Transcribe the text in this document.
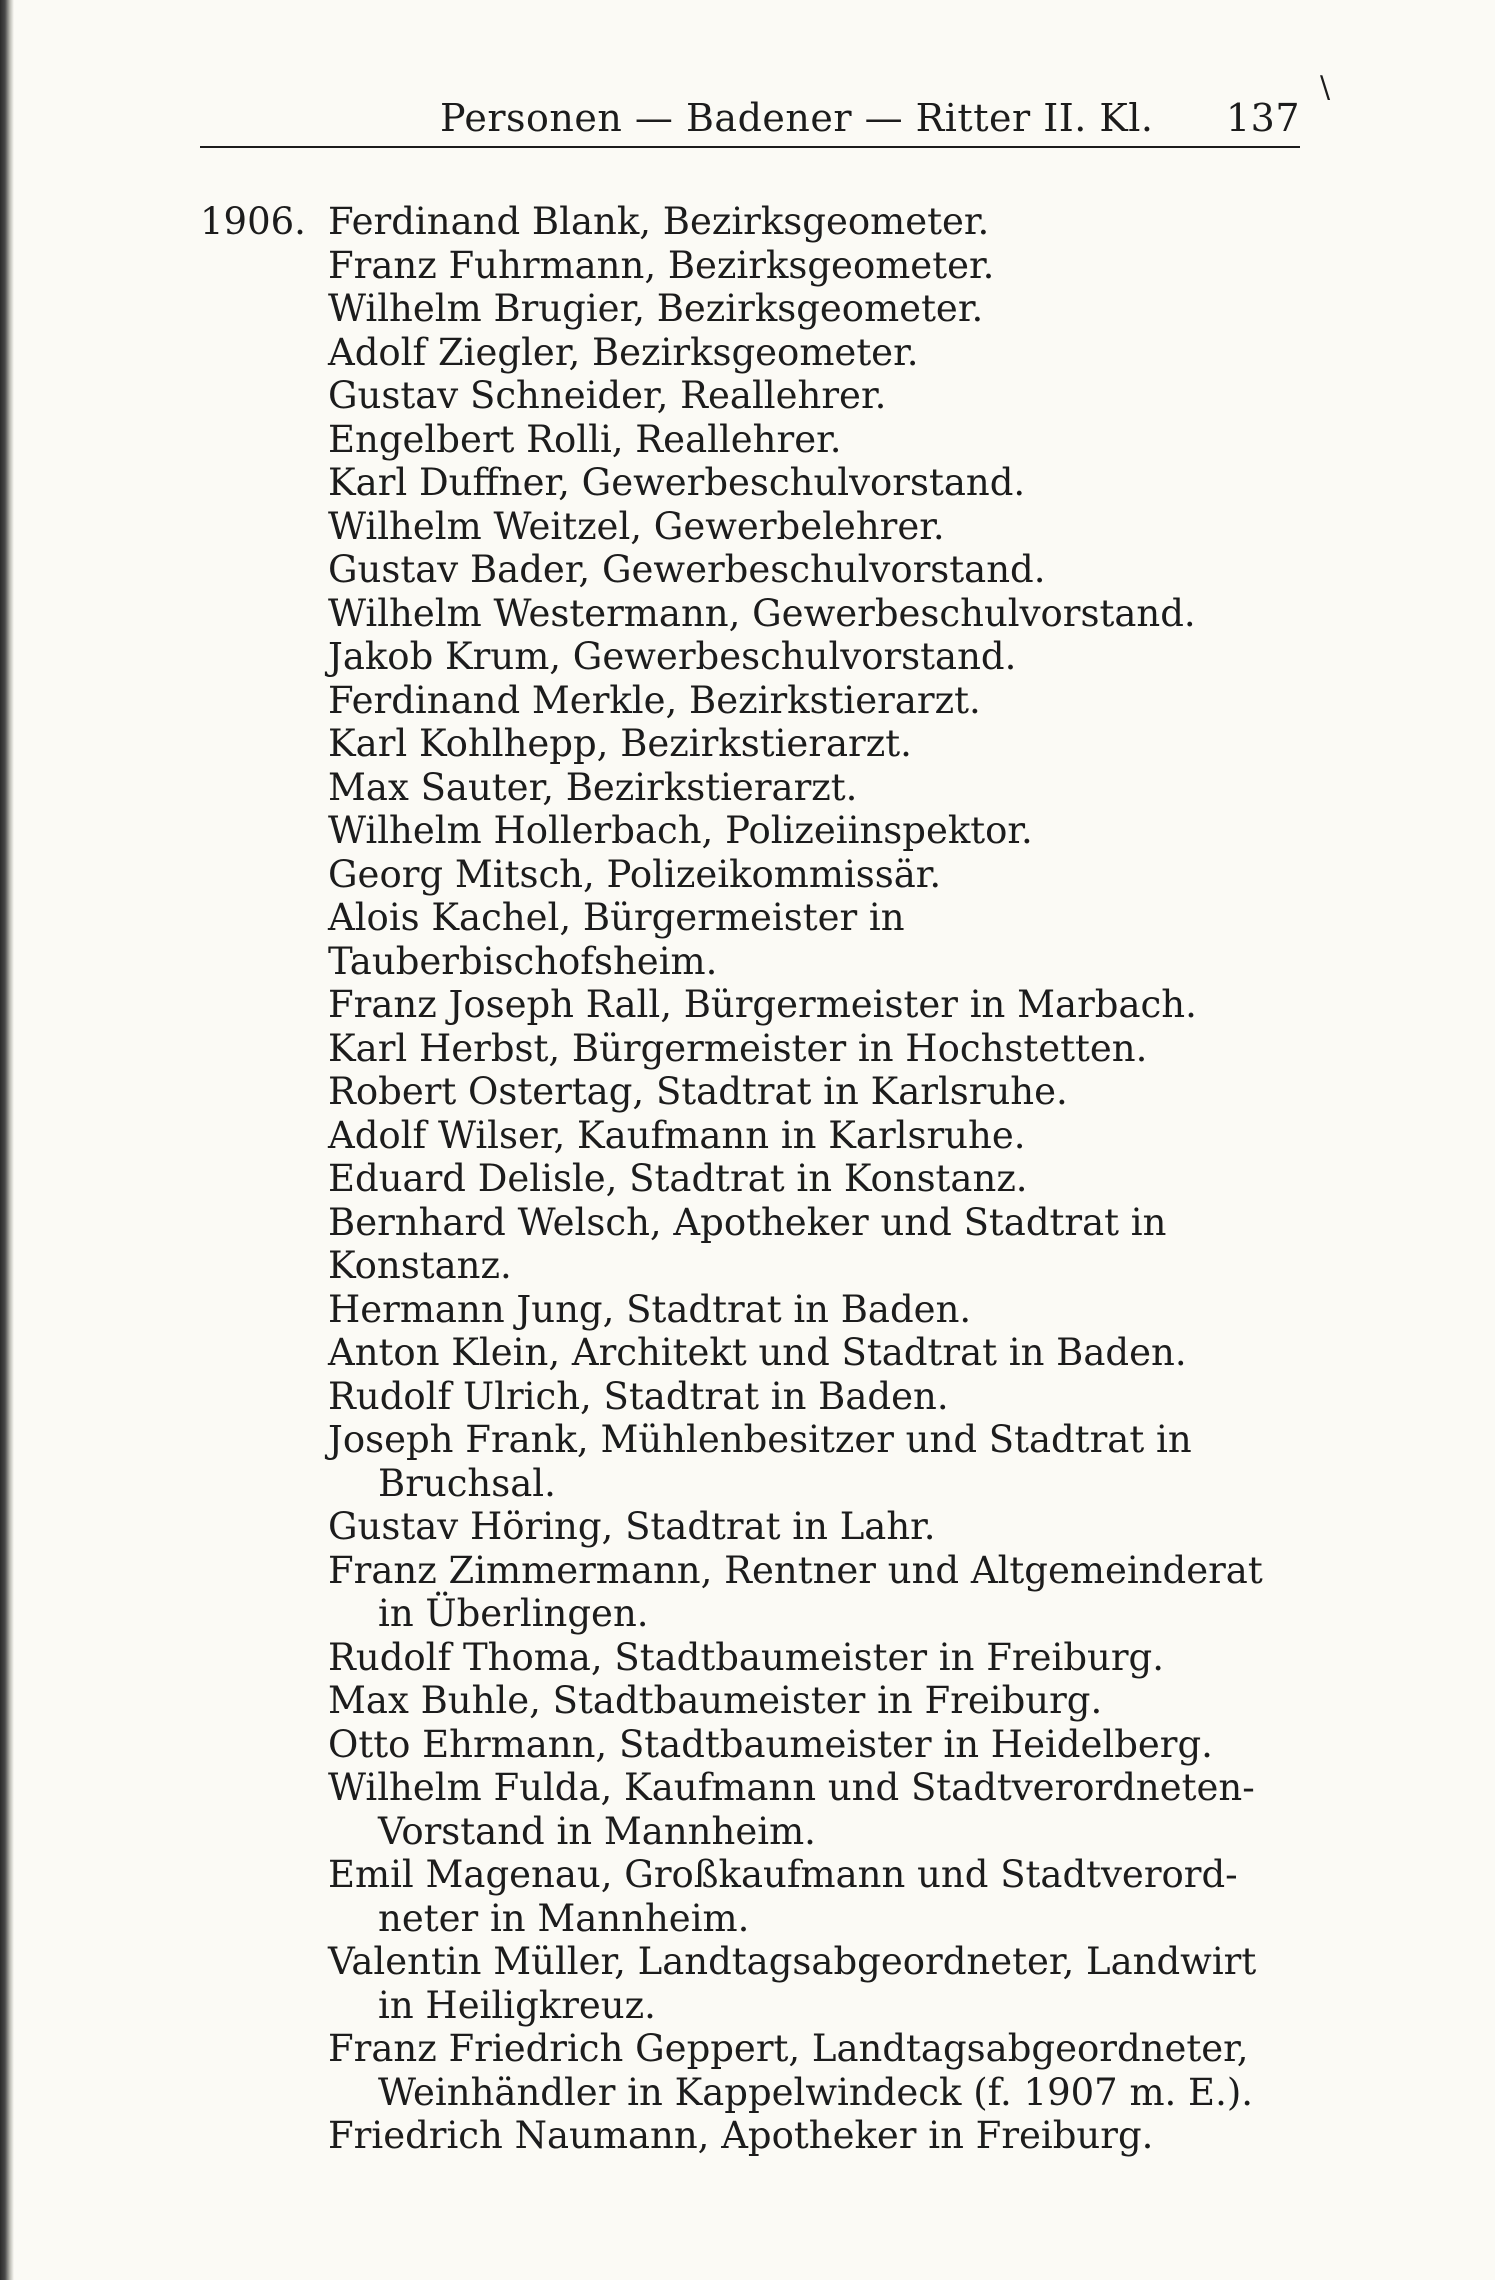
Personen — Badener — Ritter II. Kl. 137
\
1906. Ferdinand Blank, Bezirksgeometer.
Franz Fuhrmann, Bezirksgeometer.
Wilhelm Brugier, Bezirksgeometer.
Adolf Ziegler, Bezirksgeometer.
Gustav Schneider, Reallehrer.
Engelbert Rolli, Reallehrer.
Karl Duffner, Gewerbeschulvorstand.
Wilhelm Weitzel, Gewerbelehrer.
Gustav Bader, Gewerbeschulvorstand.
Wilhelm Westermann, Gewerbeschulvorstand.
Jakob Krum, Gewerbeschulvorstand.
Ferdinand Merkle, Bezirkstierarzt.
Karl Kohlhepp, Bezirkstierarzt.
Max Sauter, Bezirkstierarzt.
Wilhelm Hollerbach, Polizeiinspektor.
Georg Mitsch, Polizeikommissär.
Alois Kachel, Bürgermeister in Tauberbischofsheim.
Franz Joseph Rall, Bürgermeister in Marbach.
Karl Herbst, Bürgermeister in Hochstetten.
Robert Ostertag, Stadtrat in Karlsruhe.
Adolf Wilser, Kaufmann in Karlsruhe.
Eduard Delisle, Stadtrat in Konstanz.
Bernhard Welsch, Apotheker und Stadtrat in Konstanz.
Hermann Jung, Stadtrat in Baden.
Anton Klein, Architekt und Stadtrat in Baden.
Rudolf Ulrich, Stadtrat in Baden.
Joseph Frank, Mühlenbesitzer und Stadtrat in
Bruchsal.
Gustav Höring, Stadtrat in Lahr.
Franz Zimmermann, Rentner und Altgemeinderat
in Überlingen.
Rudolf Thoma, Stadtbaumeister in Freiburg.
Max Buhle, Stadtbaumeister in Freiburg.
Otto Ehrmann, Stadtbaumeister in Heidelberg.
Wilhelm Fulda, Kaufmann und Stadtverordneten-
Vorstand in Mannheim.
Emil Magenau, Großkaufmann und Stadtverord-
neter in Mannheim.
Valentin Müller, Landtagsabgeordneter, Landwirt
in Heiligkreuz.
Franz Friedrich Geppert, Landtagsabgeordneter,
Weinhändler in Kappelwindeck (f. 1907 m. E.).
Friedrich Naumann, Apotheker in Freiburg.
